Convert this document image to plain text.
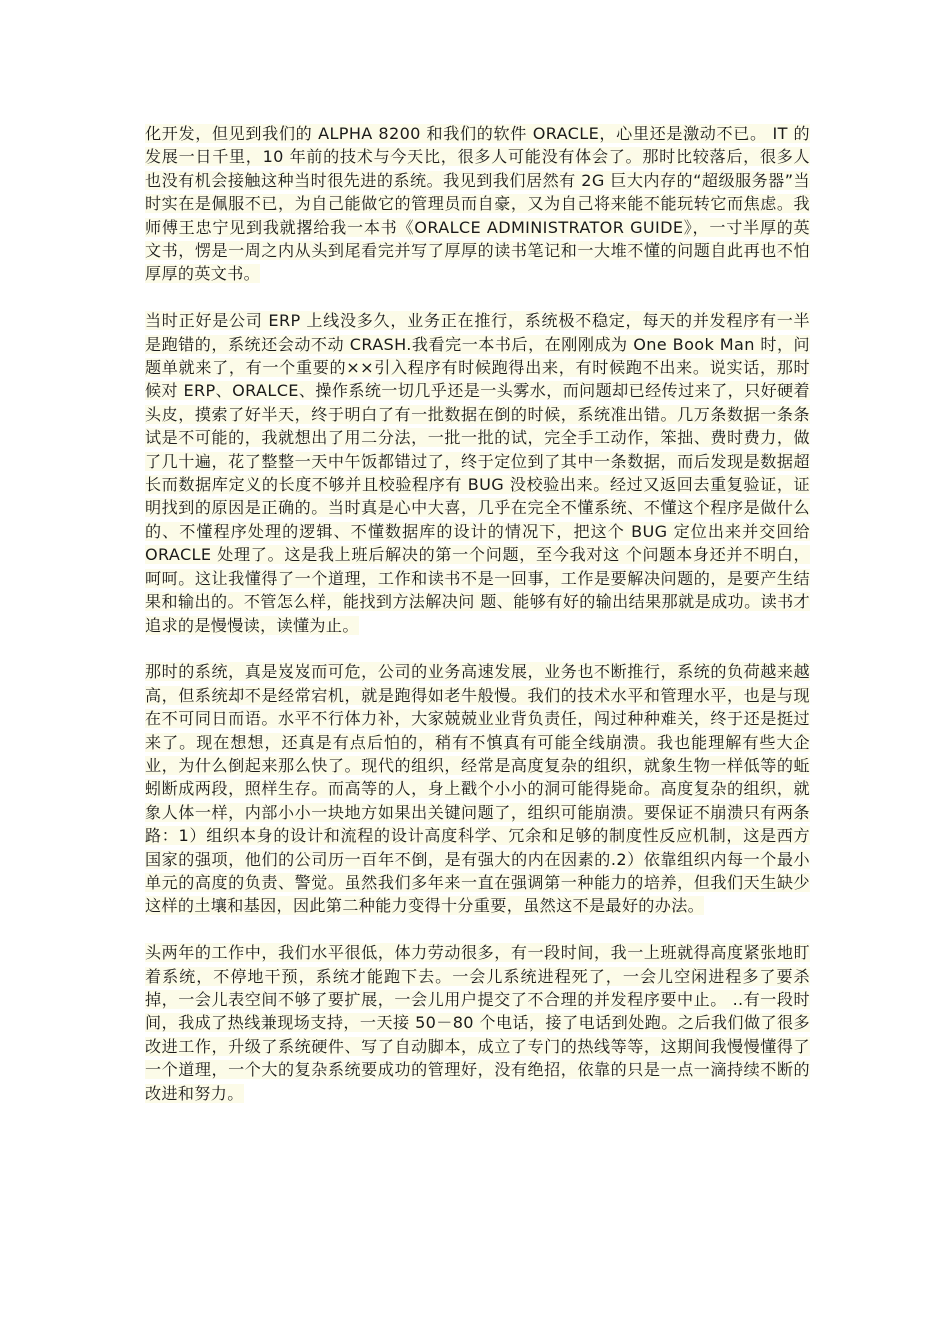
化开发，但见到我们的 ALPHA 8200 和我们的软件 ORACLE，心里还是激动不已。 IT 的发展一日千里，10 年前的技术与今天比，很多人可能没有体会了。那时比较落后，很多人也没有机会接触这种当时很先进的系统。我见到我们居然有 2G 巨大内存的“超级服务器”当时实在是佩服不已，为自己能做它的管理员而自豪，又为自己将来能不能玩转它而焦虑。我师傅王忠宁见到我就撂给我一本书《ORALCE ADMINISTRATOR GUIDE》，一寸半厚的英文书，愣是一周之内从头到尾看完并写了厚厚的读书笔记和一大堆不懂的问题自此再也不怕厚厚的英文书。

当时正好是公司 ERP 上线没多久，业务正在推行，系统极不稳定，每天的并发程序有一半是跑错的，系统还会动不动 CRASH.我看完一本书后，在刚刚成为 One Book Man 时，问题单就来了，有一个重要的××引入程序有时候跑得出来，有时候跑不出来。说实话，那时候对 ERP、ORALCE、操作系统一切几乎还是一头雾水，而问题却已经传过来了，只好硬着头皮，摸索了好半天，终于明白了有一批数据在倒的时候，系统准出错。几万条数据一条条试是不可能的，我就想出了用二分法，一批一批的试，完全手工动作，笨拙、费时费力，做了几十遍，花了整整一天中午饭都错过了，终于定位到了其中一条数据，而后发现是数据超长而数据库定义的长度不够并且校验程序有 BUG 没校验出来。经过又返回去重复验证，证明找到的原因是正确的。当时真是心中大喜，几乎在完全不懂系统、不懂这个程序是做什么的、不懂程序处理的逻辑、不懂数据库的设计的情况下，把这个 BUG 定位出来并交回给 ORACLE 处理了。这是我上班后解决的第一个问题，至今我对这 个问题本身还并不明白，呵呵。这让我懂得了一个道理，工作和读书不是一回事，工作是要解决问题的，是要产生结果和输出的。不管怎么样，能找到方法解决问 题、能够有好的输出结果那就是成功。读书才追求的是慢慢读，读懂为止。

那时的系统，真是岌岌而可危，公司的业务高速发展，业务也不断推行，系统的负荷越来越高，但系统却不是经常宕机，就是跑得如老牛般慢。我们的技术水平和管理水平，也是与现在不可同日而语。水平不行体力补，大家兢兢业业背负责任，闯过种种难关，终于还是挺过来了。现在想想，还真是有点后怕的，稍有不慎真有可能全线崩溃。我也能理解有些大企业，为什么倒起来那么快了。现代的组织，经常是高度复杂的组织，就象生物一样低等的蚯蚓断成两段，照样生存。而高等的人，身上戳个小小的洞可能得毙命。高度复杂的组织，就象人体一样，内部小小一块地方如果出关键问题了，组织可能崩溃。要保证不崩溃只有两条路：1）组织本身的设计和流程的设计高度科学、冗余和足够的制度性反应机制，这是西方国家的强项，他们的公司历一百年不倒，是有强大的内在因素的.2）依靠组织内每一个最小单元的高度的负责、警觉。虽然我们多年来一直在强调第一种能力的培养，但我们天生缺少这样的土壤和基因，因此第二种能力变得十分重要，虽然这不是最好的办法。

头两年的工作中，我们水平很低，体力劳动很多，有一段时间，我一上班就得高度紧张地盯着系统，不停地干预，系统才能跑下去。一会儿系统进程死了，一会儿空闲进程多了要杀掉，一会儿表空间不够了要扩展，一会儿用户提交了不合理的并发程序要中止。 ..有一段时间，我成了热线兼现场支持，一天接 50－80 个电话，接了电话到处跑。之后我们做了很多改进工作，升级了系统硬件、写了自动脚本，成立了专门的热线等等，这期间我慢慢懂得了一个道理，一个大的复杂系统要成功的管理好，没有绝招，依靠的只是一点一滴持续不断的改进和努力。
